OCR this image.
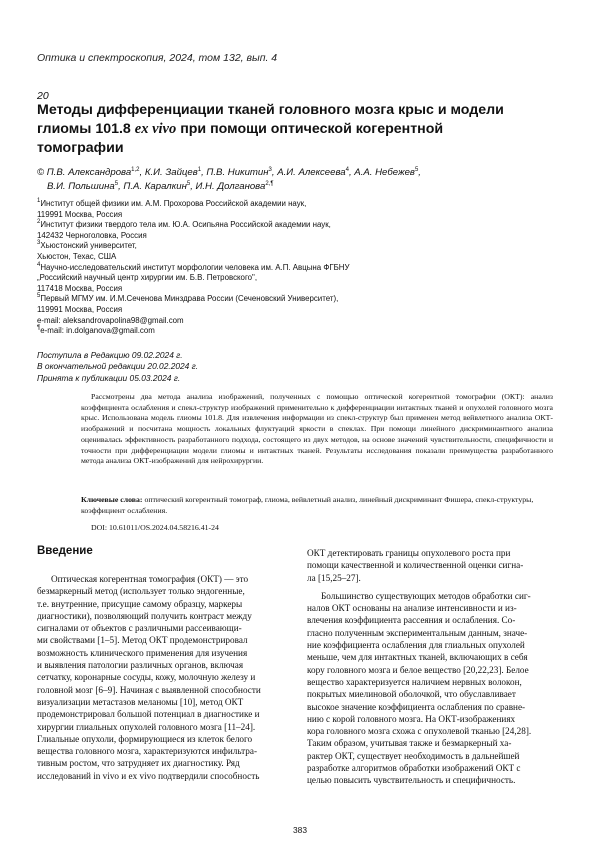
Оптика и спектроскопия, 2024, том 132, вып. 4
20
Методы дифференциации тканей головного мозга крыс и модели
глиомы 101.8 ex vivo при помощи оптической когерентной
томографии
© П.В. Александрова$^{1,2}$, К.И. Зайцев$^1$, П.В. Никитин$^3$, А.И. Алексеева$^4$, А.А. Небежев$^5$,
В.И. Польшина$^5$, П.А. Каралкин$^5$, И.Н. Долганова$^{2,\P}$
$^1$Институт общей физики им. А.М. Прохорова Российской академии наук,
119991 Москва, Россия
$^2$Институт физики твердого тела им. Ю.А. Осипьяна Российской академии наук,
142432 Черноголовка, Россия
$^3$Хьюстонский университет,
Хьюстон, Техас, США
$^4$Научно-исследовательский институт морфологии человека им. А.П. Авцына ФГБНУ
„Российский научный центр хирургии им. Б.В. Петровского",
117418 Москва, Россия
$^5$Первый МГМУ им. И.М.Сеченова Минздрава России (Сеченовский Университет),
119991 Москва, Россия
e-mail: aleksandrovapolina98@gmail.com
¶e-mail: in.dolganova@gmail.com
Поступила в Редакцию 09.02.2024 г.
В окончательной редакции 20.02.2024 г.
Принята к публикации 05.03.2024 г.
Рассмотрены два метода анализа изображений, полученных с помощью оптической когерентной томографии (ОКТ): анализ коэффициента ослабления и спекл-структур изображений применительно к дифференциации интактных тканей и опухолей головного мозга крыс. Использована модель глиомы 101.8. Для извлечения информации из спекл-структур был применен метод вейвлетного анализа ОКТ-изображений и посчитана мощность локальных флуктуаций яркости в спеклах. При помощи линейного дискриминантного анализа оценивалась эффективность разработанного подхода, состоящего из двух методов, на основе значений чувствительности, специфичности и точности при дифференциации модели глиомы и интактных тканей. Результаты исследования показали преимущества разработанного метода анализа ОКТ-изображений для нейрохирургии.
Ключевые слова: оптический когерентный томограф, глиома, вейвлетный анализ, линейный дискриминант Фишера, спекл-структуры, коэффициент ослабления.
DOI: 10.61011/OS.2024.04.58216.41-24
Введение
Оптическая когерентная томография (ОКТ) — это
безмаркерный метод (использует только эндогенные,
т.е. внутренние, присущие самому образцу, маркеры
диагностики), позволяющий получить контраст между
сигналами от объектов с различными рассеивающи-
ми свойствами [1–5]. Метод ОКТ продемонстрировал
возможность клинического применения для изучения
и выявления патологии различных органов, включая
сетчатку, коронарные сосуды, кожу, молочную железу и
головной мозг [6–9]. Начиная с выявленной способности
визуализации метастазов меланомы [10], метод ОКТ
продемонстрировал большой потенциал в диагностике и
хирургии глиальных опухолей головного мозга [11–24].
Глиальные опухоли, формирующиеся из клеток белого
вещества головного мозга, характеризуются инфильтра-
тивным ростом, что затрудняет их диагностику. Ряд
исследований in vivo и ex vivo подтвердили способность
ОКТ детектировать границы опухолевого роста при
помощи качественной и количественной оценки сигна-
ла [15,25–27].
Большинство существующих методов обработки сиг-
налов ОКТ основаны на анализе интенсивности и из-
влечения коэффициента рассеяния и ослабления. Со-
гласно полученным экспериментальным данным, значе-
ние коэффициента ослабления для глиальных опухолей
меньше, чем для интактных тканей, включающих в себя
кору головного мозга и белое вещество [20,22,23]. Белое
вещество характеризуется наличием нервных волокон,
покрытых миелиновой оболочкой, что обуславливает
высокое значение коэффициента ослабления по сравне-
нию с корой головного мозга. На ОКТ-изображениях
кора головного мозга схожа с опухолевой тканью [24,28].
Таким образом, учитывая также и безмаркерный ха-
рактер ОКТ, существует необходимость в дальнейшей
разработке алгоритмов обработки изображений ОКТ с
целью повысить чувствительность и специфичность.
383
